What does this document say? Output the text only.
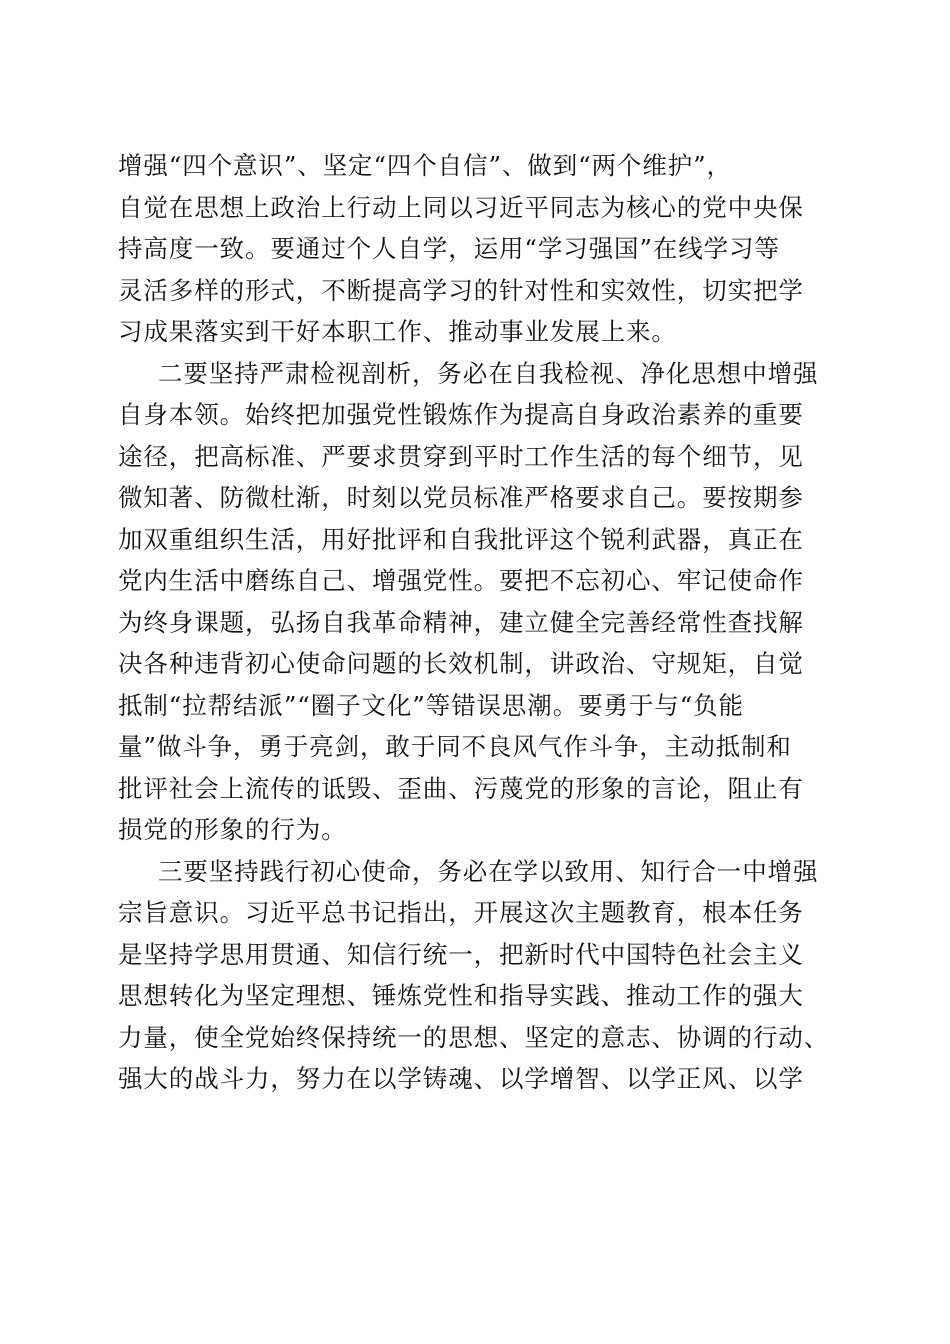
增强“四个意识”、坚定“四个自信”、做到“两个维护”，
自觉在思想上政治上行动上同以习近平同志为核心的党中央保
持高度一致。要通过个人自学，运用“学习强国”在线学习等
灵活多样的形式，不断提高学习的针对性和实效性，切实把学
习成果落实到干好本职工作、推动事业发展上来。
二要坚持严肃检视剖析，务必在自我检视、净化思想中增强
自身本领。始终把加强党性锻炼作为提高自身政治素养的重要
途径，把高标准、严要求贯穿到平时工作生活的每个细节，见
微知著、防微杜渐，时刻以党员标准严格要求自己。要按期参
加双重组织生活，用好批评和自我批评这个锐利武器，真正在
党内生活中磨练自己、增强党性。要把不忘初心、牢记使命作
为终身课题，弘扬自我革命精神，建立健全完善经常性查找解
决各种违背初心使命问题的长效机制，讲政治、守规矩，自觉
抵制“拉帮结派”“圈子文化”等错误思潮。要勇于与“负能
量”做斗争，勇于亮剑，敢于同不良风气作斗争，主动抵制和
批评社会上流传的诋毁、歪曲、污蔑党的形象的言论，阻止有
损党的形象的行为。
三要坚持践行初心使命，务必在学以致用、知行合一中增强
宗旨意识。习近平总书记指出，开展这次主题教育，根本任务
是坚持学思用贯通、知信行统一，把新时代中国特色社会主义
思想转化为坚定理想、锤炼党性和指导实践、推动工作的强大
力量，使全党始终保持统一的思想、坚定的意志、协调的行动、
强大的战斗力，努力在以学铸魂、以学增智、以学正风、以学
